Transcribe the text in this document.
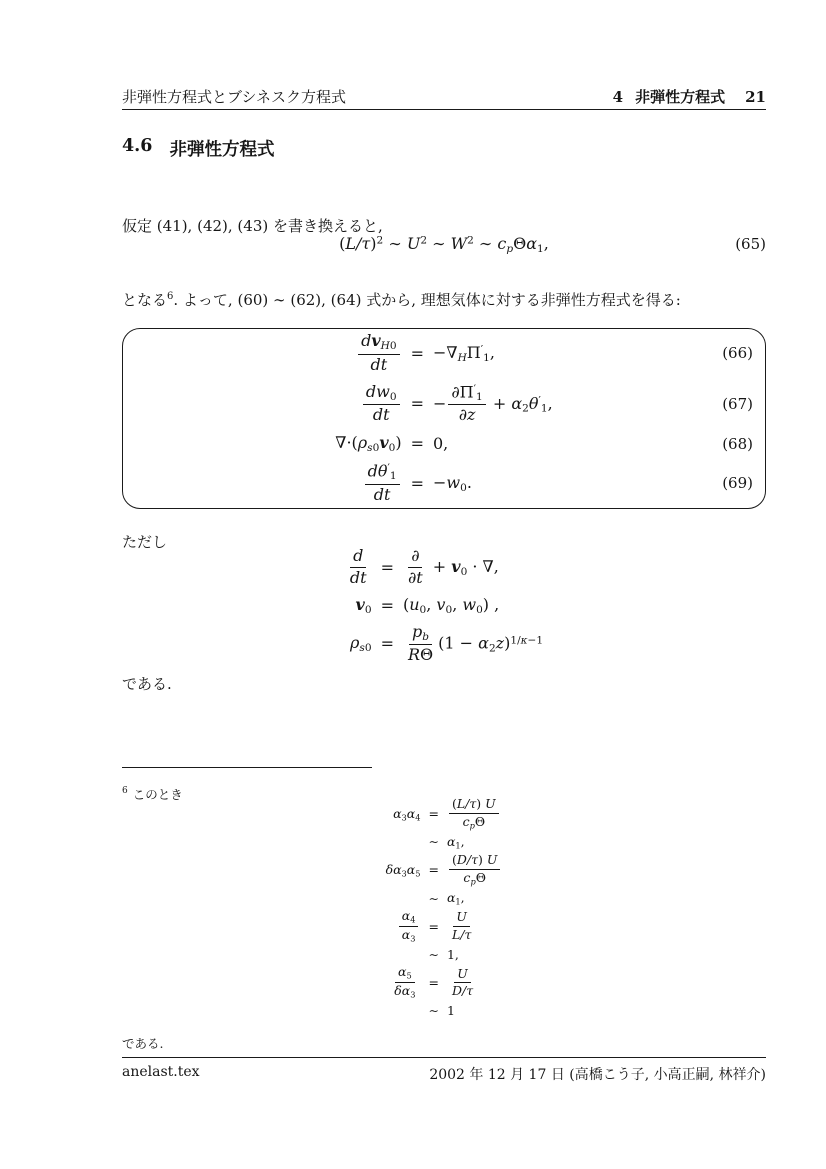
非弾性方程式とブシネスク方程式	4 非弾性方程式 21
4.6 非弾性方程式

仮定 (41), (42), (43) を書き換えると,

$(L/\tau)^2$ ∼ $U^2$ ∼ $W^2$ ∼ cpΘα1,	(65)

となる$^6$. よって, (60) ∼ (62), (64) 式から, 理想気体に対する非弾性方程式を得る:

$\frac{\text{dvH0}}{dt} = -\nabla H\Pi'1$,	(66)
$\frac{dw0}{dt}$ = − $\frac{\partial\Pi'1}{\partial z} + \alpha 2\theta'1$,	(67)
∇·(ρs0v0) = 0,	(68)
$\frac{d\theta'1}{dt} = -w0$.	(69)

ただし

$\frac{d}{dt} = \frac{\partial}{\partial t} + v0$ · ∇,
v0 = (u0, v0, w0) ,
$\rho s0 = \frac{pb}{R\Theta} (1 - \alpha 2z)^{1/\kappa-1}$

である.

$^6$ このとき

$\alpha 3\alpha 4 = \frac{(L/\tau) U}{\text{cpΘ}}$
∼ α1,
$\delta\alpha 3\alpha 5 = \frac{(D/\tau) U}{\text{cpΘ}}$
∼ α1,
$\frac{\alpha 4}{\alpha 3} = \frac{U}{L/\tau}$
∼ 1,
$\frac{\alpha 5}{\delta\alpha 3} = \frac{U}{D/\tau}$
∼ 1

である.

anelast.tex	2002 年 12 月 17 日 (高橋こう子, 小高正嗣, 林祥介)
